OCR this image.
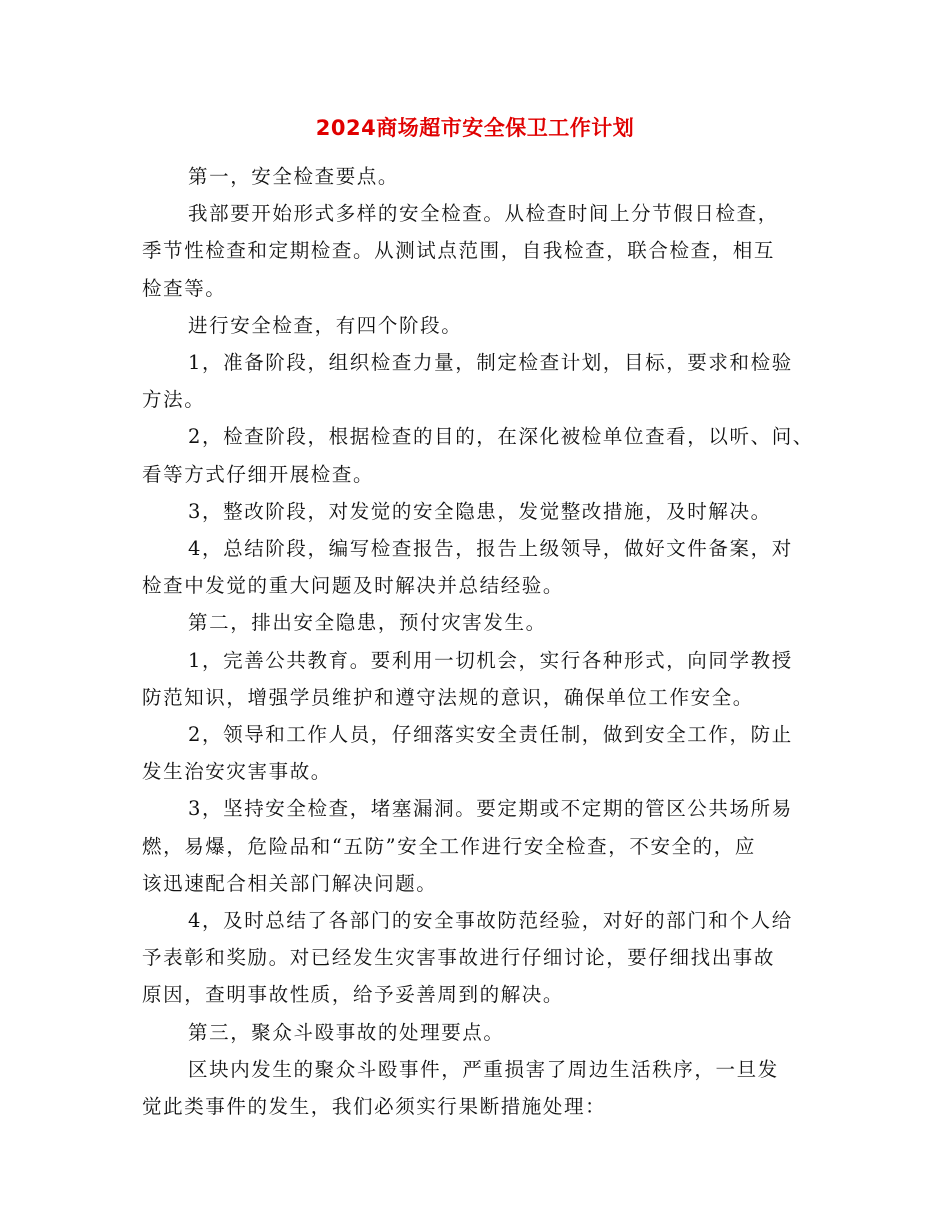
2024商场超市安全保卫工作计划
第一，安全检查要点。
我部要开始形式多样的安全检查。从检查时间上分节假日检查，
季节性检查和定期检查。从测试点范围，自我检查，联合检查，相互
检查等。
进行安全检查，有四个阶段。
1，准备阶段，组织检查力量，制定检查计划，目标，要求和检验
方法。
2，检查阶段，根据检查的目的，在深化被检单位查看，以听、问、
看等方式仔细开展检查。
3，整改阶段，对发觉的安全隐患，发觉整改措施，及时解决。
4，总结阶段，编写检查报告，报告上级领导，做好文件备案，对
检查中发觉的重大问题及时解决并总结经验。
第二，排出安全隐患，预付灾害发生。
1，完善公共教育。要利用一切机会，实行各种形式，向同学教授
防范知识，增强学员维护和遵守法规的意识，确保单位工作安全。
2，领导和工作人员，仔细落实安全责任制，做到安全工作，防止
发生治安灾害事故。
3，坚持安全检查，堵塞漏洞。要定期或不定期的管区公共场所易
燃，易爆，危险品和“五防”安全工作进行安全检查，不安全的，应
该迅速配合相关部门解决问题。
4，及时总结了各部门的安全事故防范经验，对好的部门和个人给
予表彰和奖励。对已经发生灾害事故进行仔细讨论，要仔细找出事故
原因，查明事故性质，给予妥善周到的解决。
第三，聚众斗殴事故的处理要点。
区块内发生的聚众斗殴事件，严重损害了周边生活秩序，一旦发
觉此类事件的发生，我们必须实行果断措施处理：
